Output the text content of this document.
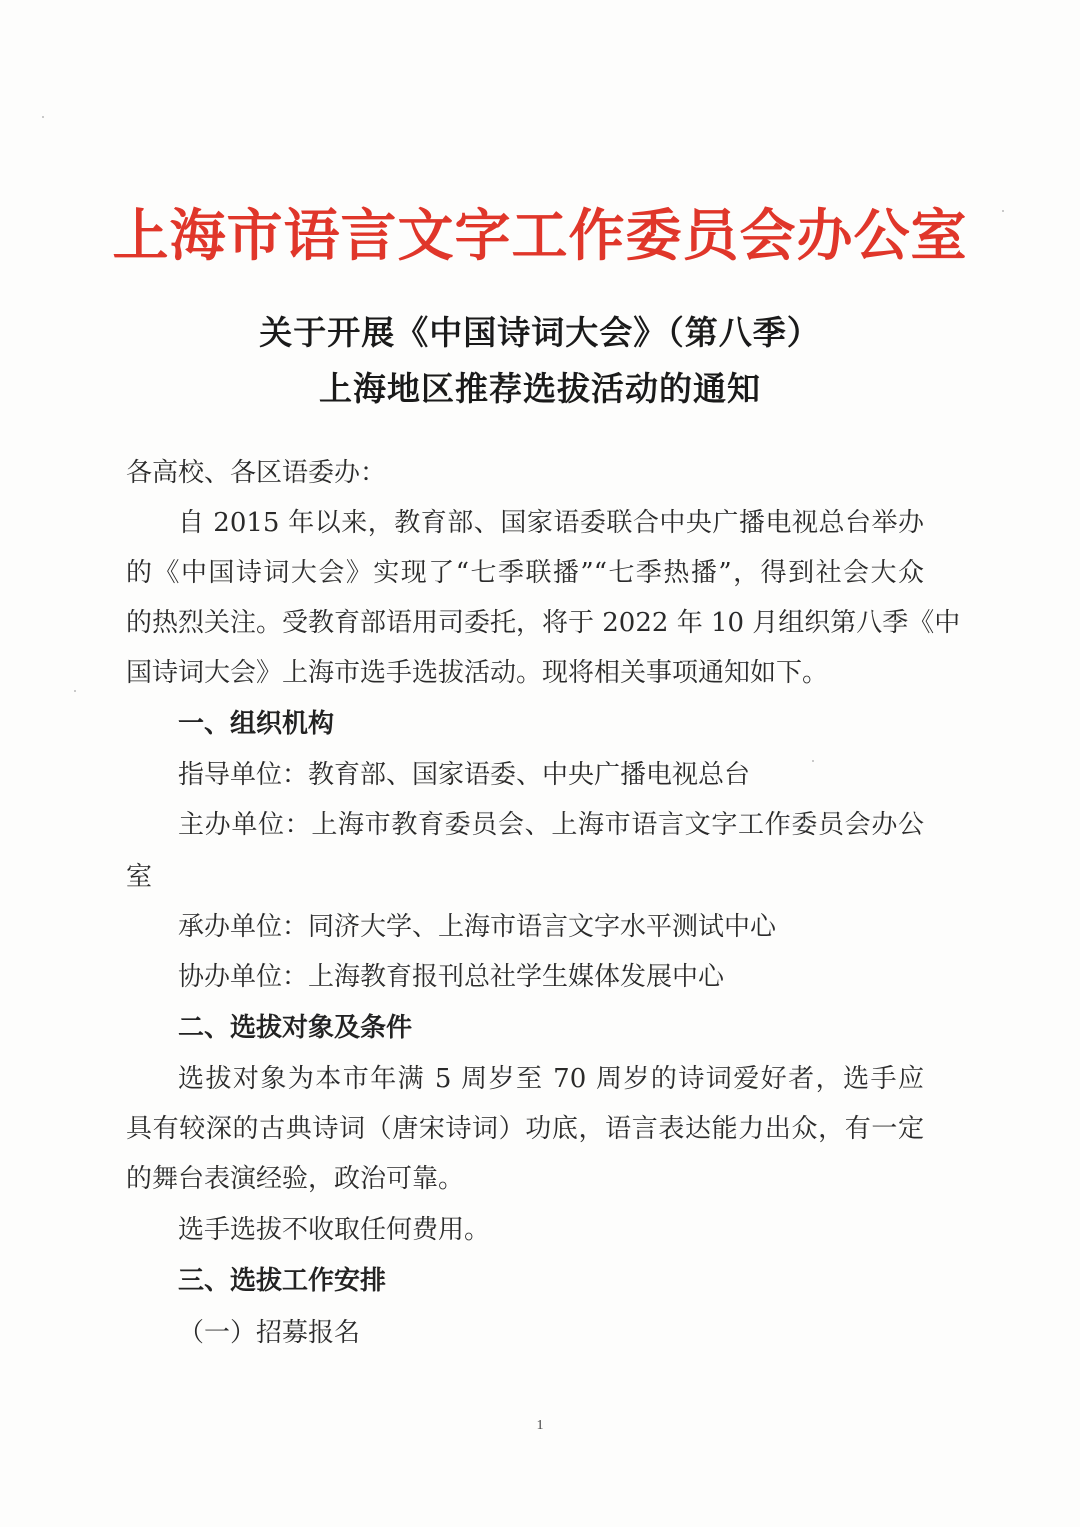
上海市语言文字工作委员会办公室
关于开展《中国诗词大会》（第八季）
上海地区推荐选拔活动的通知
各高校、各区语委办：
自 2015 年以来，教育部、国家语委联合中央广播电视总台举办
的《中国诗词大会》实现了“七季联播”“七季热播”，得到社会大众
的热烈关注。受教育部语用司委托，将于 2022 年 10 月组织第八季《中
国诗词大会》上海市选手选拔活动。现将相关事项通知如下。
一、组织机构
指导单位：教育部、国家语委、中央广播电视总台
主办单位：上海市教育委员会、上海市语言文字工作委员会办公
室
承办单位：同济大学、上海市语言文字水平测试中心
协办单位：上海教育报刊总社学生媒体发展中心
二、选拔对象及条件
选拔对象为本市年满 5 周岁至 70 周岁的诗词爱好者，选手应
具有较深的古典诗词（唐宋诗词）功底，语言表达能力出众，有一定
的舞台表演经验，政治可靠。
选手选拔不收取任何费用。
三、选拔工作安排
（一）招募报名
1
